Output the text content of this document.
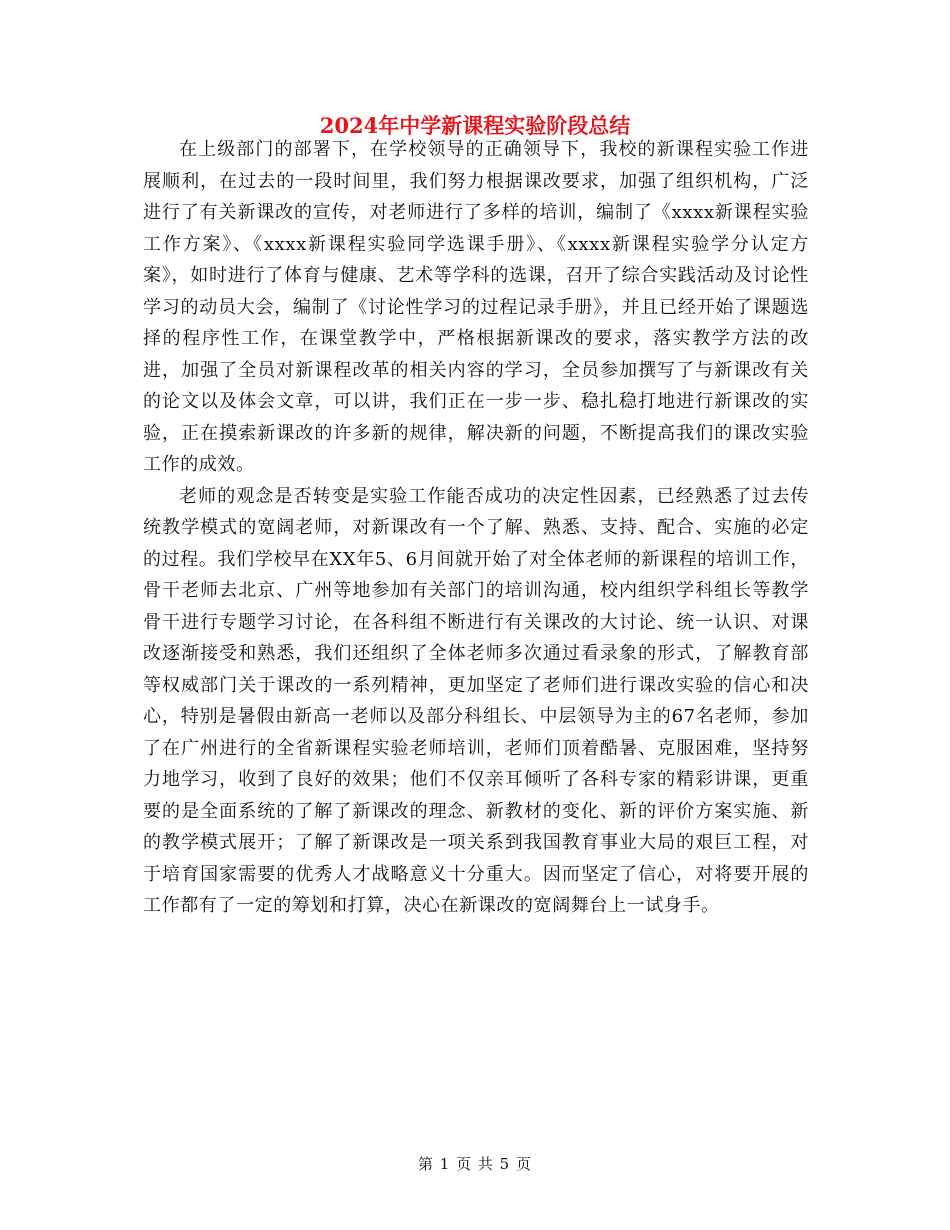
2024年中学新课程实验阶段总结

在上级部门的部署下，在学校领导的正确领导下，我校的新课程实验工作进展顺利，在过去的一段时间里，我们努力根据课改要求，加强了组织机构，广泛进行了有关新课改的宣传，对老师进行了多样的培训，编制了《xxxx新课程实验工作方案》、《xxxx新课程实验同学选课手册》、《xxxx新课程实验学分认定方案》，如时进行了体育与健康、艺术等学科的选课，召开了综合实践活动及讨论性学习的动员大会，编制了《讨论性学习的过程记录手册》，并且已经开始了课题选择的程序性工作，在课堂教学中，严格根据新课改的要求，落实教学方法的改进，加强了全员对新课程改革的相关内容的学习，全员参加撰写了与新课改有关的论文以及体会文章，可以讲，我们正在一步一步、稳扎稳打地进行新课改的实验，正在摸索新课改的许多新的规律，解决新的问题，不断提高我们的课改实验工作的成效。

老师的观念是否转变是实验工作能否成功的决定性因素，已经熟悉了过去传统教学模式的宽阔老师，对新课改有一个了解、熟悉、支持、配合、实施的必定的过程。我们学校早在XX年5、6月间就开始了对全体老师的新课程的培训工作，骨干老师去北京、广州等地参加有关部门的培训沟通，校内组织学科组长等教学骨干进行专题学习讨论，在各科组不断进行有关课改的大讨论、统一认识、对课改逐渐接受和熟悉，我们还组织了全体老师多次通过看录象的形式，了解教育部等权威部门关于课改的一系列精神，更加坚定了老师们进行课改实验的信心和决心，特别是暑假由新高一老师以及部分科组长、中层领导为主的67名老师，参加了在广州进行的全省新课程实验老师培训，老师们顶着酷暑、克服困难，坚持努力地学习，收到了良好的效果；他们不仅亲耳倾听了各科专家的精彩讲课，更重要的是全面系统的了解了新课改的理念、新教材的变化、新的评价方案实施、新的教学模式展开；了解了新课改是一项关系到我国教育事业大局的艰巨工程，对于培育国家需要的优秀人才战略意义十分重大。因而坚定了信心，对将要开展的工作都有了一定的筹划和打算，决心在新课改的宽阔舞台上一试身手。

第 1 页 共 5 页
